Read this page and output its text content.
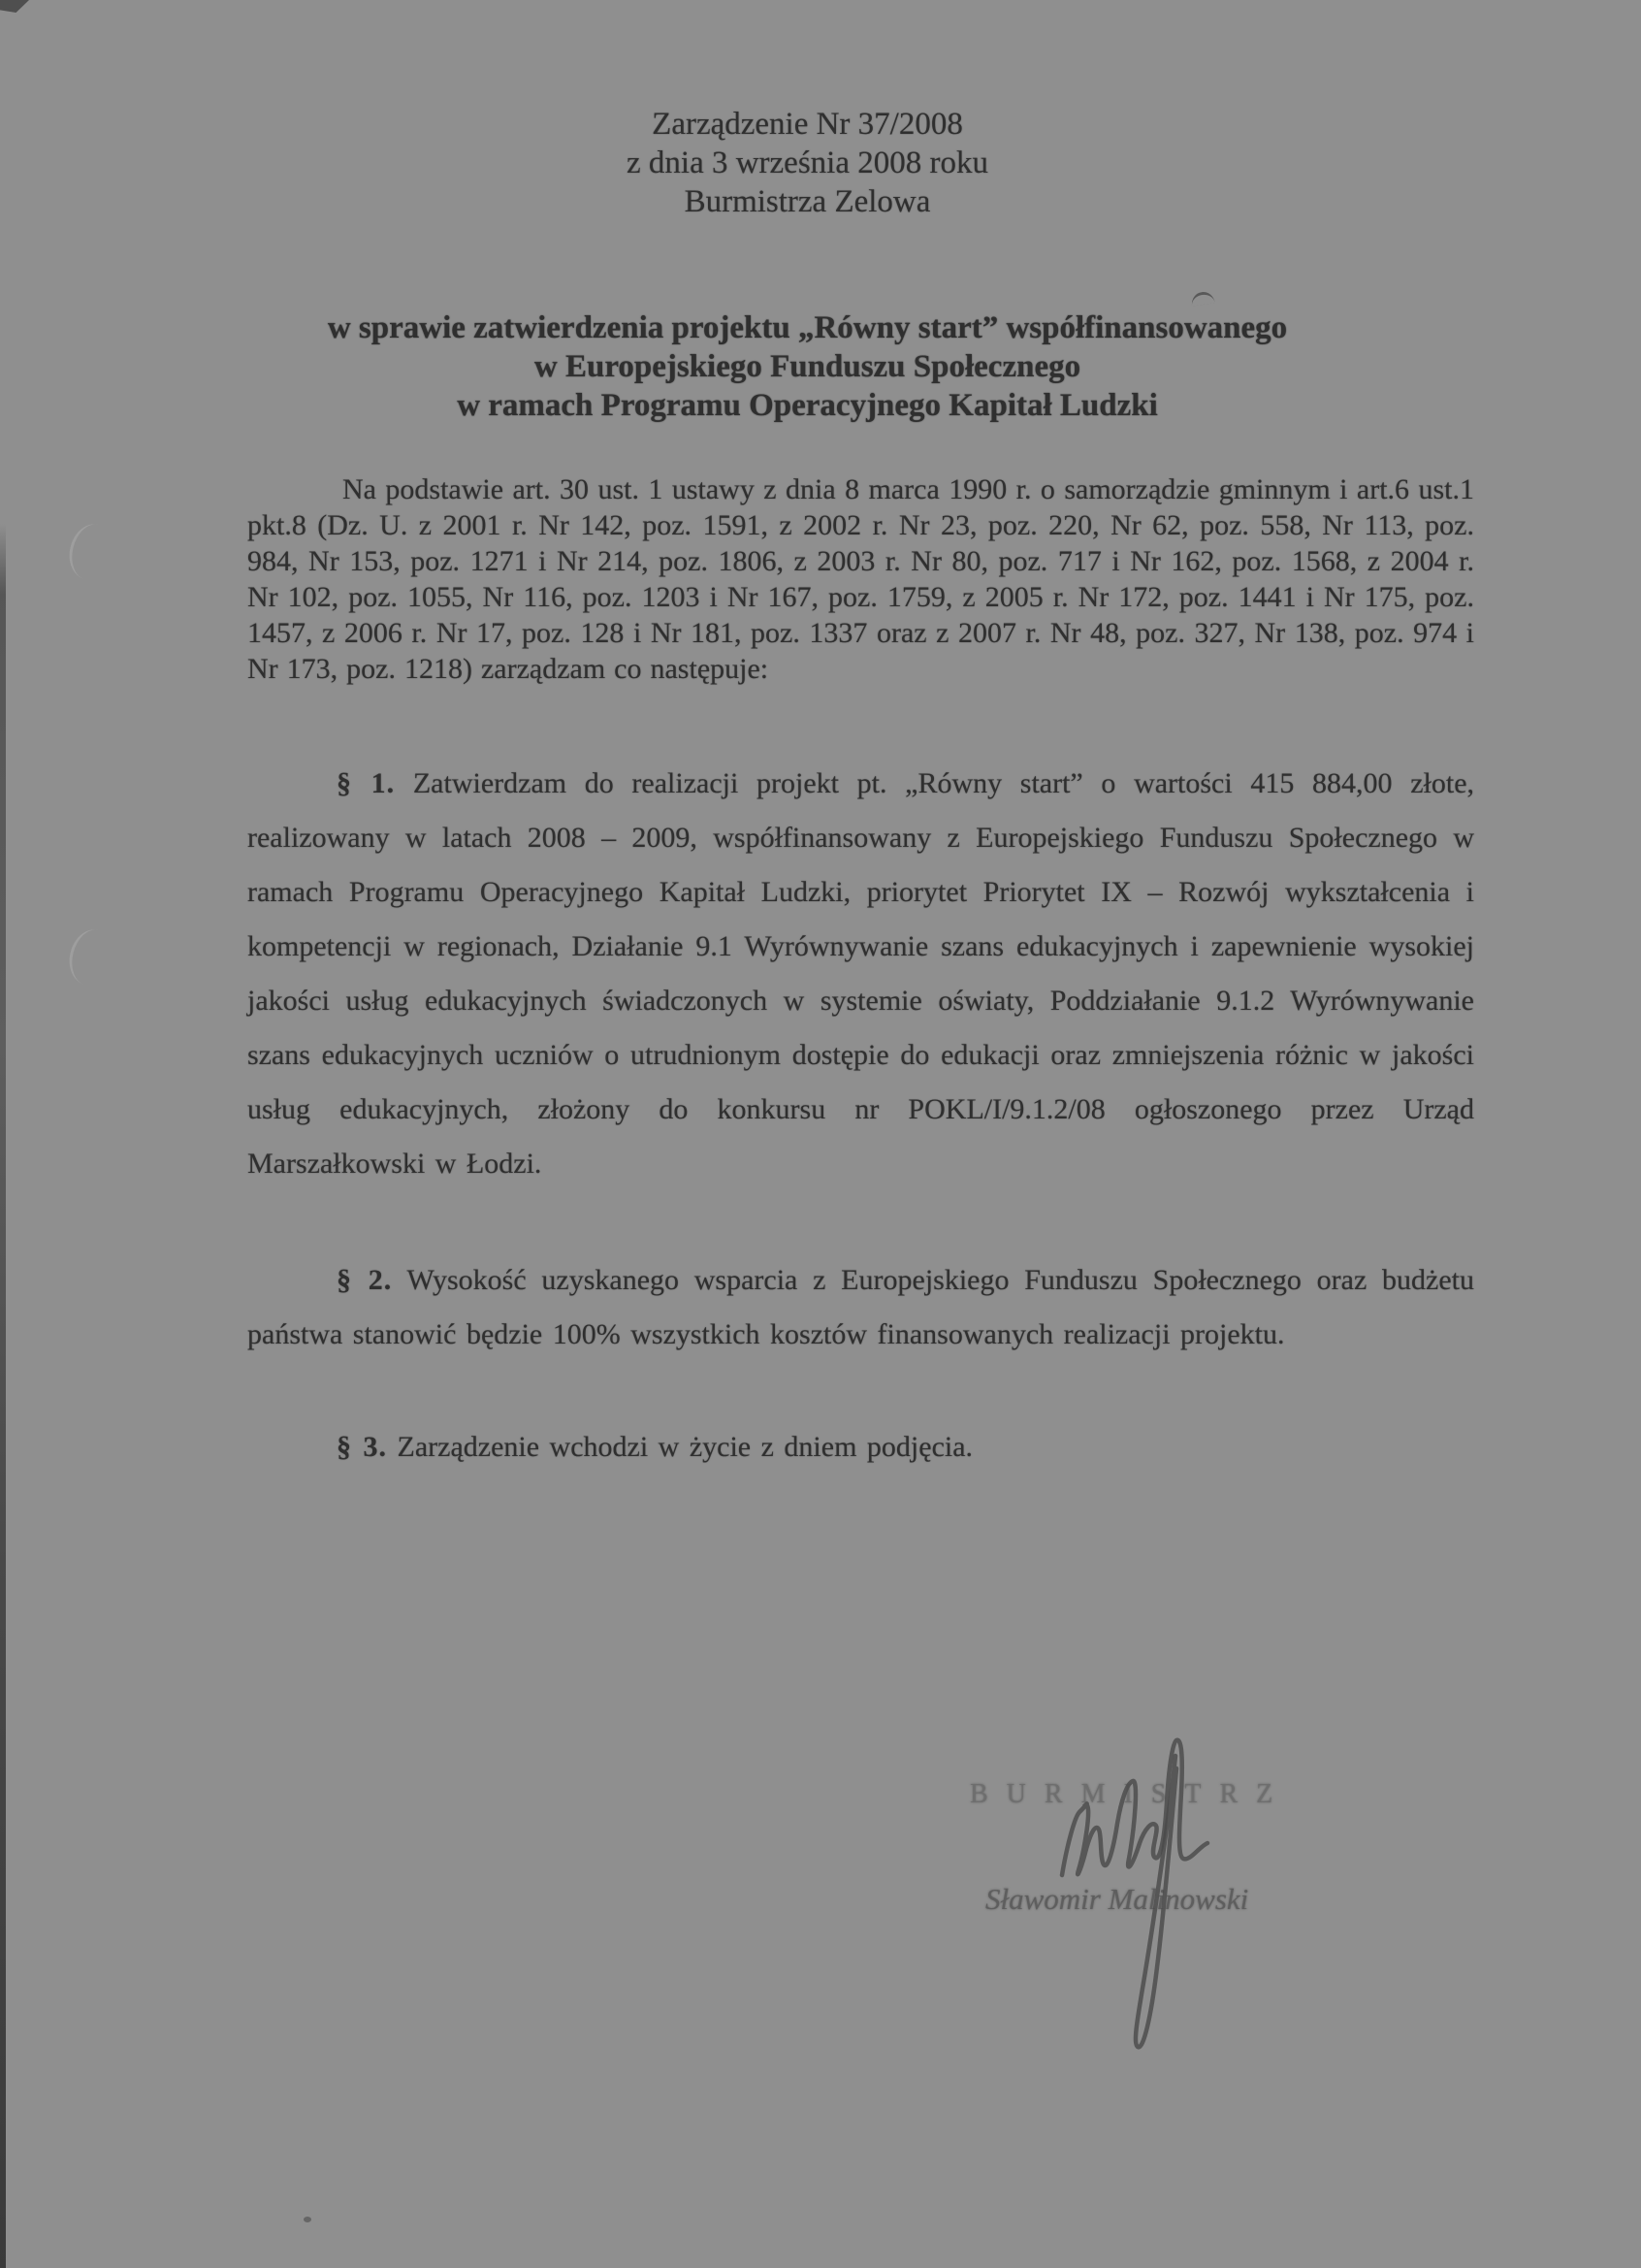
Zarządzenie Nr 37/2008
z dnia 3 września 2008 roku
Burmistrza Zelowa
w sprawie zatwierdzenia projektu „Równy start” współfinansowanego
w Europejskiego Funduszu Społecznego
w ramach Programu Operacyjnego Kapitał Ludzki

Na podstawie art. 30 ust. 1 ustawy z dnia 8 marca 1990 r. o samorządzie gminnym i art.6 ust.1 pkt.8 (Dz. U. z 2001 r. Nr 142, poz. 1591, z 2002 r. Nr 23, poz. 220, Nr 62, poz. 558, Nr 113, poz. 984, Nr 153, poz. 1271 i Nr 214, poz. 1806, z 2003 r. Nr 80, poz. 717 i Nr 162, poz. 1568, z 2004 r. Nr 102, poz. 1055, Nr 116, poz. 1203 i Nr 167, poz. 1759, z 2005 r. Nr 172, poz. 1441 i Nr 175, poz. 1457, z 2006 r. Nr 17, poz. 128 i Nr 181, poz. 1337 oraz z 2007 r. Nr 48, poz. 327, Nr 138, poz. 974 i Nr 173, poz. 1218) zarządzam co następuje:

§ 1. Zatwierdzam do realizacji projekt pt. „Równy start” o wartości 415 884,00 złote, realizowany w latach 2008 – 2009, współfinansowany z Europejskiego Funduszu Społecznego w ramach Programu Operacyjnego Kapitał Ludzki, priorytet Priorytet IX – Rozwój wykształcenia i kompetencji w regionach, Działanie 9.1 Wyrównywanie szans edukacyjnych i zapewnienie wysokiej jakości usług edukacyjnych świadczonych w systemie oświaty, Poddziałanie 9.1.2 Wyrównywanie szans edukacyjnych uczniów o utrudnionym dostępie do edukacji oraz zmniejszenia różnic w jakości usług edukacyjnych, złożony do konkursu nr POKL/I/9.1.2/08 ogłoszonego przez Urząd Marszałkowski w Łodzi.

§ 2. Wysokość uzyskanego wsparcia z Europejskiego Funduszu Społecznego oraz budżetu państwa stanowić będzie 100% wszystkich kosztów finansowanych realizacji projektu.

§ 3. Zarządzenie wchodzi w życie z dniem podjęcia.

BURMISTRZ
Sławomir Malinowski
